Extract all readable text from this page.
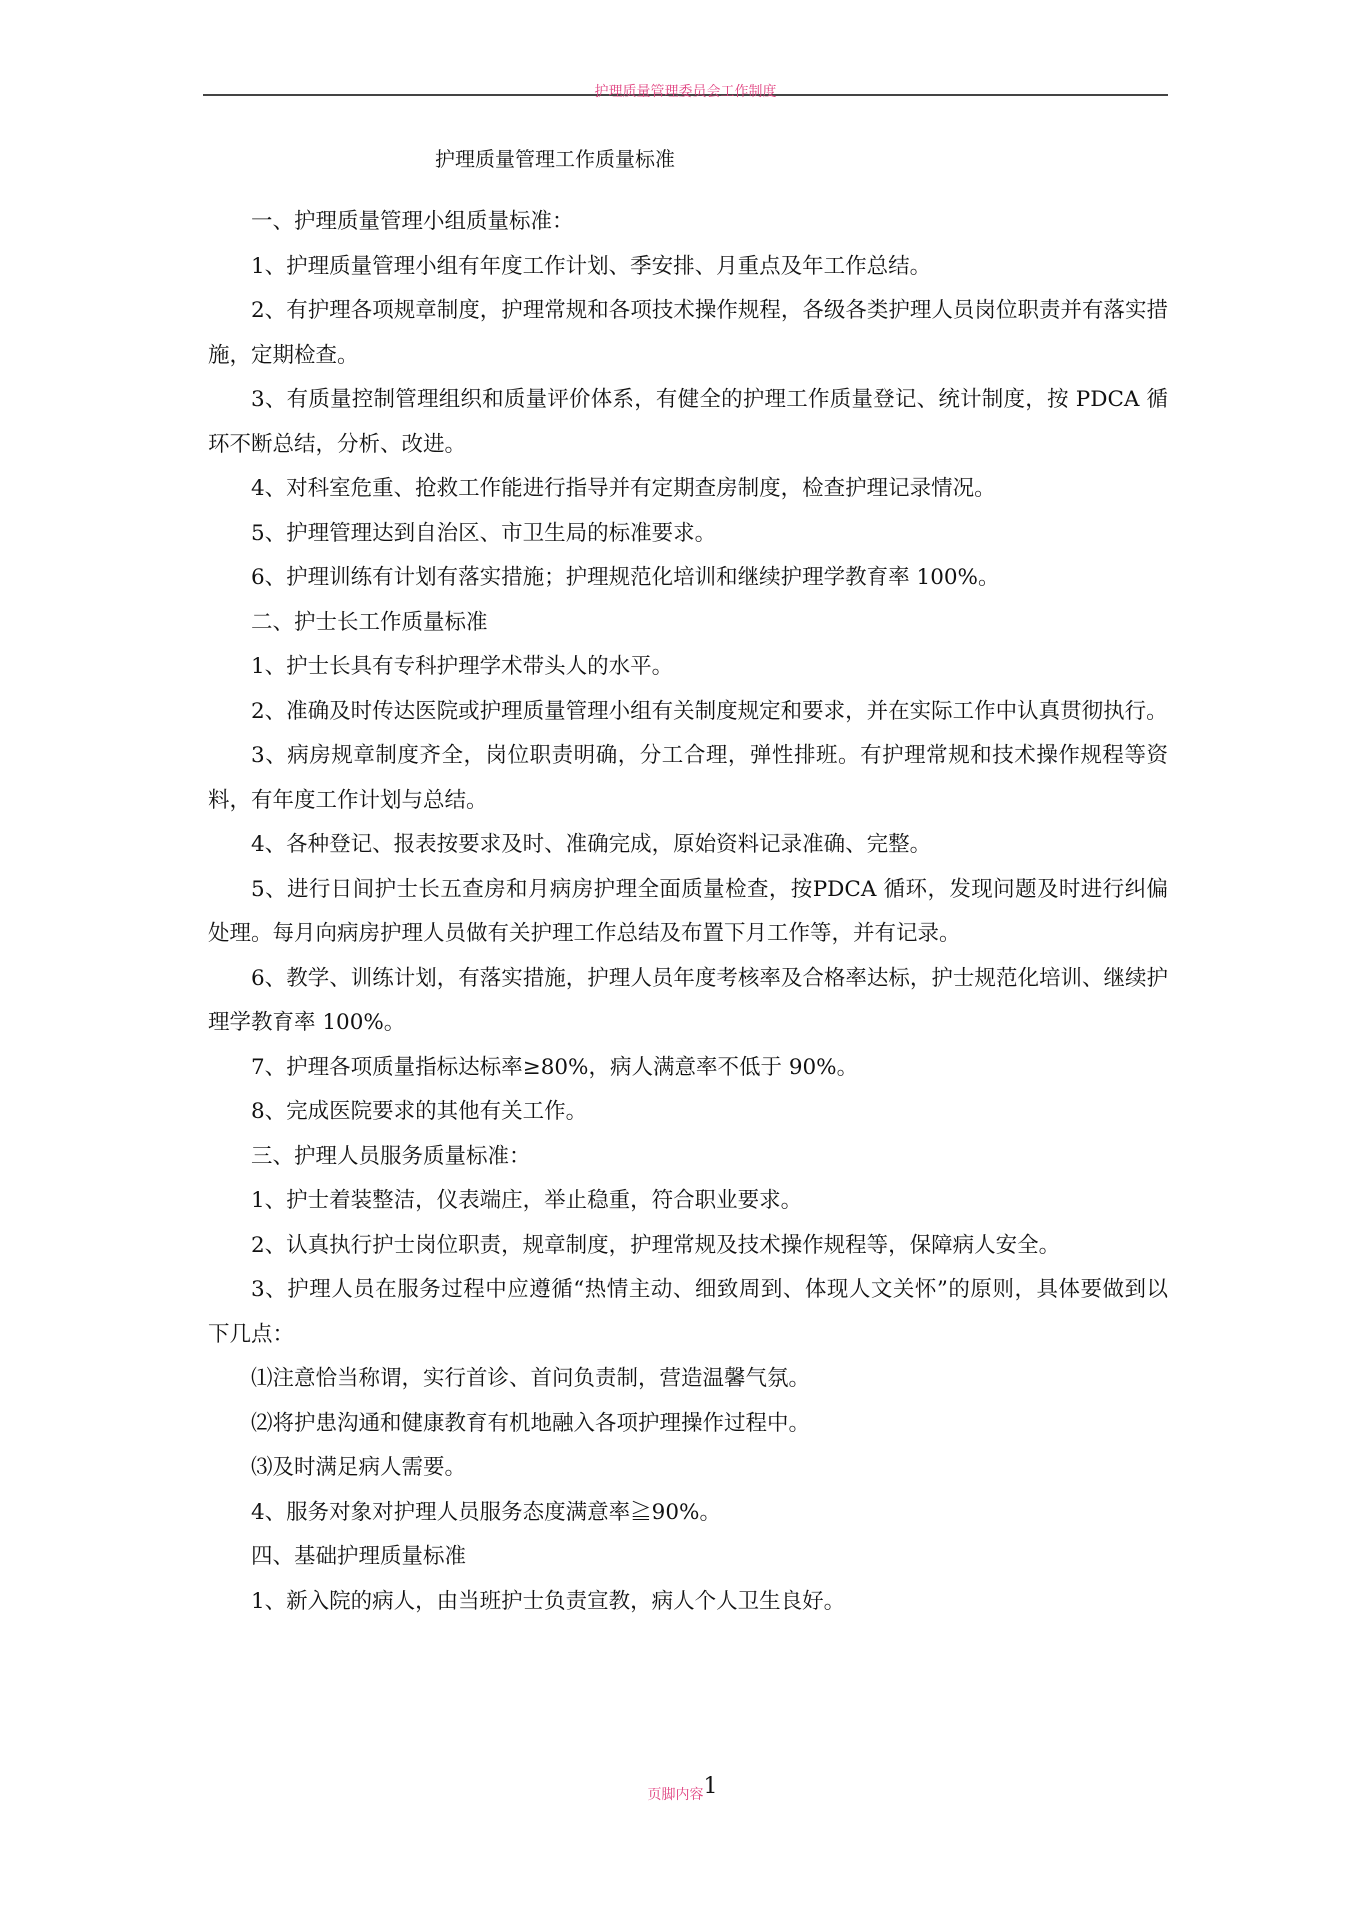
护理质量管理委员会工作制度
护理质量管理工作质量标准

一、护理质量管理小组质量标准：

1、护理质量管理小组有年度工作计划、季安排、月重点及年工作总结。

2、有护理各项规章制度，护理常规和各项技术操作规程，各级各类护理人员岗位职责并有落实措施，定期检查。

3、有质量控制管理组织和质量评价体系，有健全的护理工作质量登记、统计制度，按 PDCA 循环不断总结，分析、改进。

4、对科室危重、抢救工作能进行指导并有定期查房制度，检查护理记录情况。

5、护理管理达到自治区、市卫生局的标准要求。

6、护理训练有计划有落实措施；护理规范化培训和继续护理学教育率 100%。

二、护士长工作质量标准

1、护士长具有专科护理学术带头人的水平。

2、准确及时传达医院或护理质量管理小组有关制度规定和要求，并在实际工作中认真贯彻执行。

3、病房规章制度齐全，岗位职责明确，分工合理，弹性排班。有护理常规和技术操作规程等资料，有年度工作计划与总结。

4、各种登记、报表按要求及时、准确完成，原始资料记录准确、完整。

5、进行日间护士长五查房和月病房护理全面质量检查，按PDCA 循环，发现问题及时进行纠偏处理。每月向病房护理人员做有关护理工作总结及布置下月工作等，并有记录。

6、教学、训练计划，有落实措施，护理人员年度考核率及合格率达标，护士规范化培训、继续护理学教育率 100%。

7、护理各项质量指标达标率≥80%，病人满意率不低于 90%。

8、完成医院要求的其他有关工作。

三、护理人员服务质量标准：

1、护士着装整洁，仪表端庄，举止稳重，符合职业要求。

2、认真执行护士岗位职责，规章制度，护理常规及技术操作规程等，保障病人安全。

3、护理人员在服务过程中应遵循“热情主动、细致周到、体现人文关怀”的原则，具体要做到以下几点：

⑴注意恰当称谓，实行首诊、首问负责制，营造温馨气氛。

⑵将护患沟通和健康教育有机地融入各项护理操作过程中。

⑶及时满足病人需要。

4、服务对象对护理人员服务态度满意率≧90%。

四、基础护理质量标准

1、新入院的病人，由当班护士负责宣教，病人个人卫生良好。

页脚内容1
